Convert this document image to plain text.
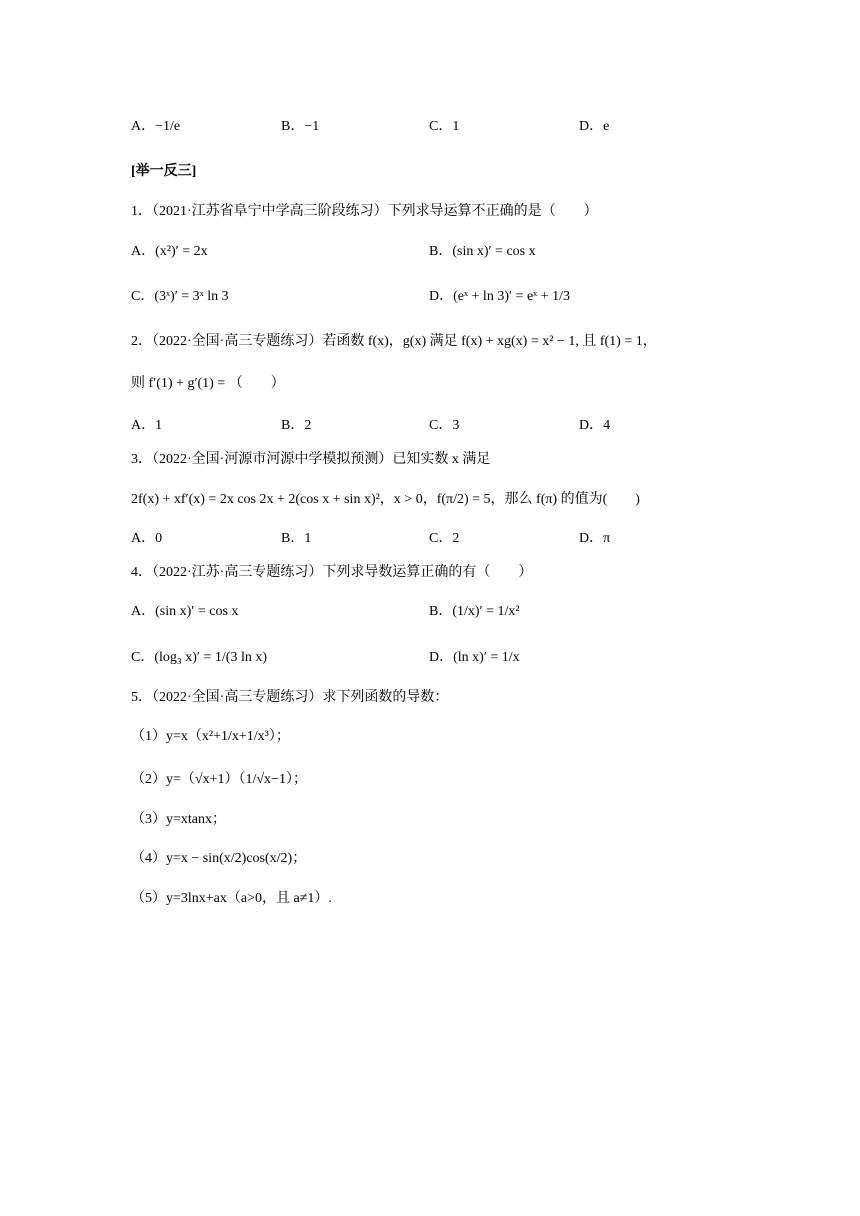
A．−1/e	B．−1	C．1	D．e
[举一反三]
1．（2021·江苏省阜宁中学高三阶段练习）下列求导运算不正确的是（　　）
A．(x²)′ = 2x	B．(sin x)′ = cos x
C．(3ˣ)′ = 3ˣ ln 3	D．(eˣ + ln 3)′ = eˣ + 1/3
2．（2022·全国·高三专题练习）若函数 f(x)，g(x) 满足 f(x) + xg(x) = x² − 1, 且 f(1) = 1，
则 f′(1) + g′(1) = （　　）
A．1	B．2	C．3	D．4
3．（2022·全国·河源市河源中学模拟预测）已知实数 x 满足
2f(x) + xf′(x) = 2x cos 2x + 2(cos x + sin x)²，x > 0，f(π/2) = 5，那么 f(π) 的值为(　　)
A．0	B．1	C．2	D．π
4．（2022·江苏·高三专题练习）下列求导数运算正确的有（　　）
A．(sin x)′ = cos x	B．(1/x)′ = 1/x²
C．(log₃ x)′ = 1/(3 ln x)	D．(ln x)′ = 1/x
5．（2022·全国·高三专题练习）求下列函数的导数：
（1）y=x（x²+1/x+1/x³）；
（2）y=（√x+1）（1/√x−1）；
（3）y=xtanx；
（4）y=x − sin(x/2)cos(x/2)；
（5）y=3lnx+ax（a>0，且 a≠1）.
